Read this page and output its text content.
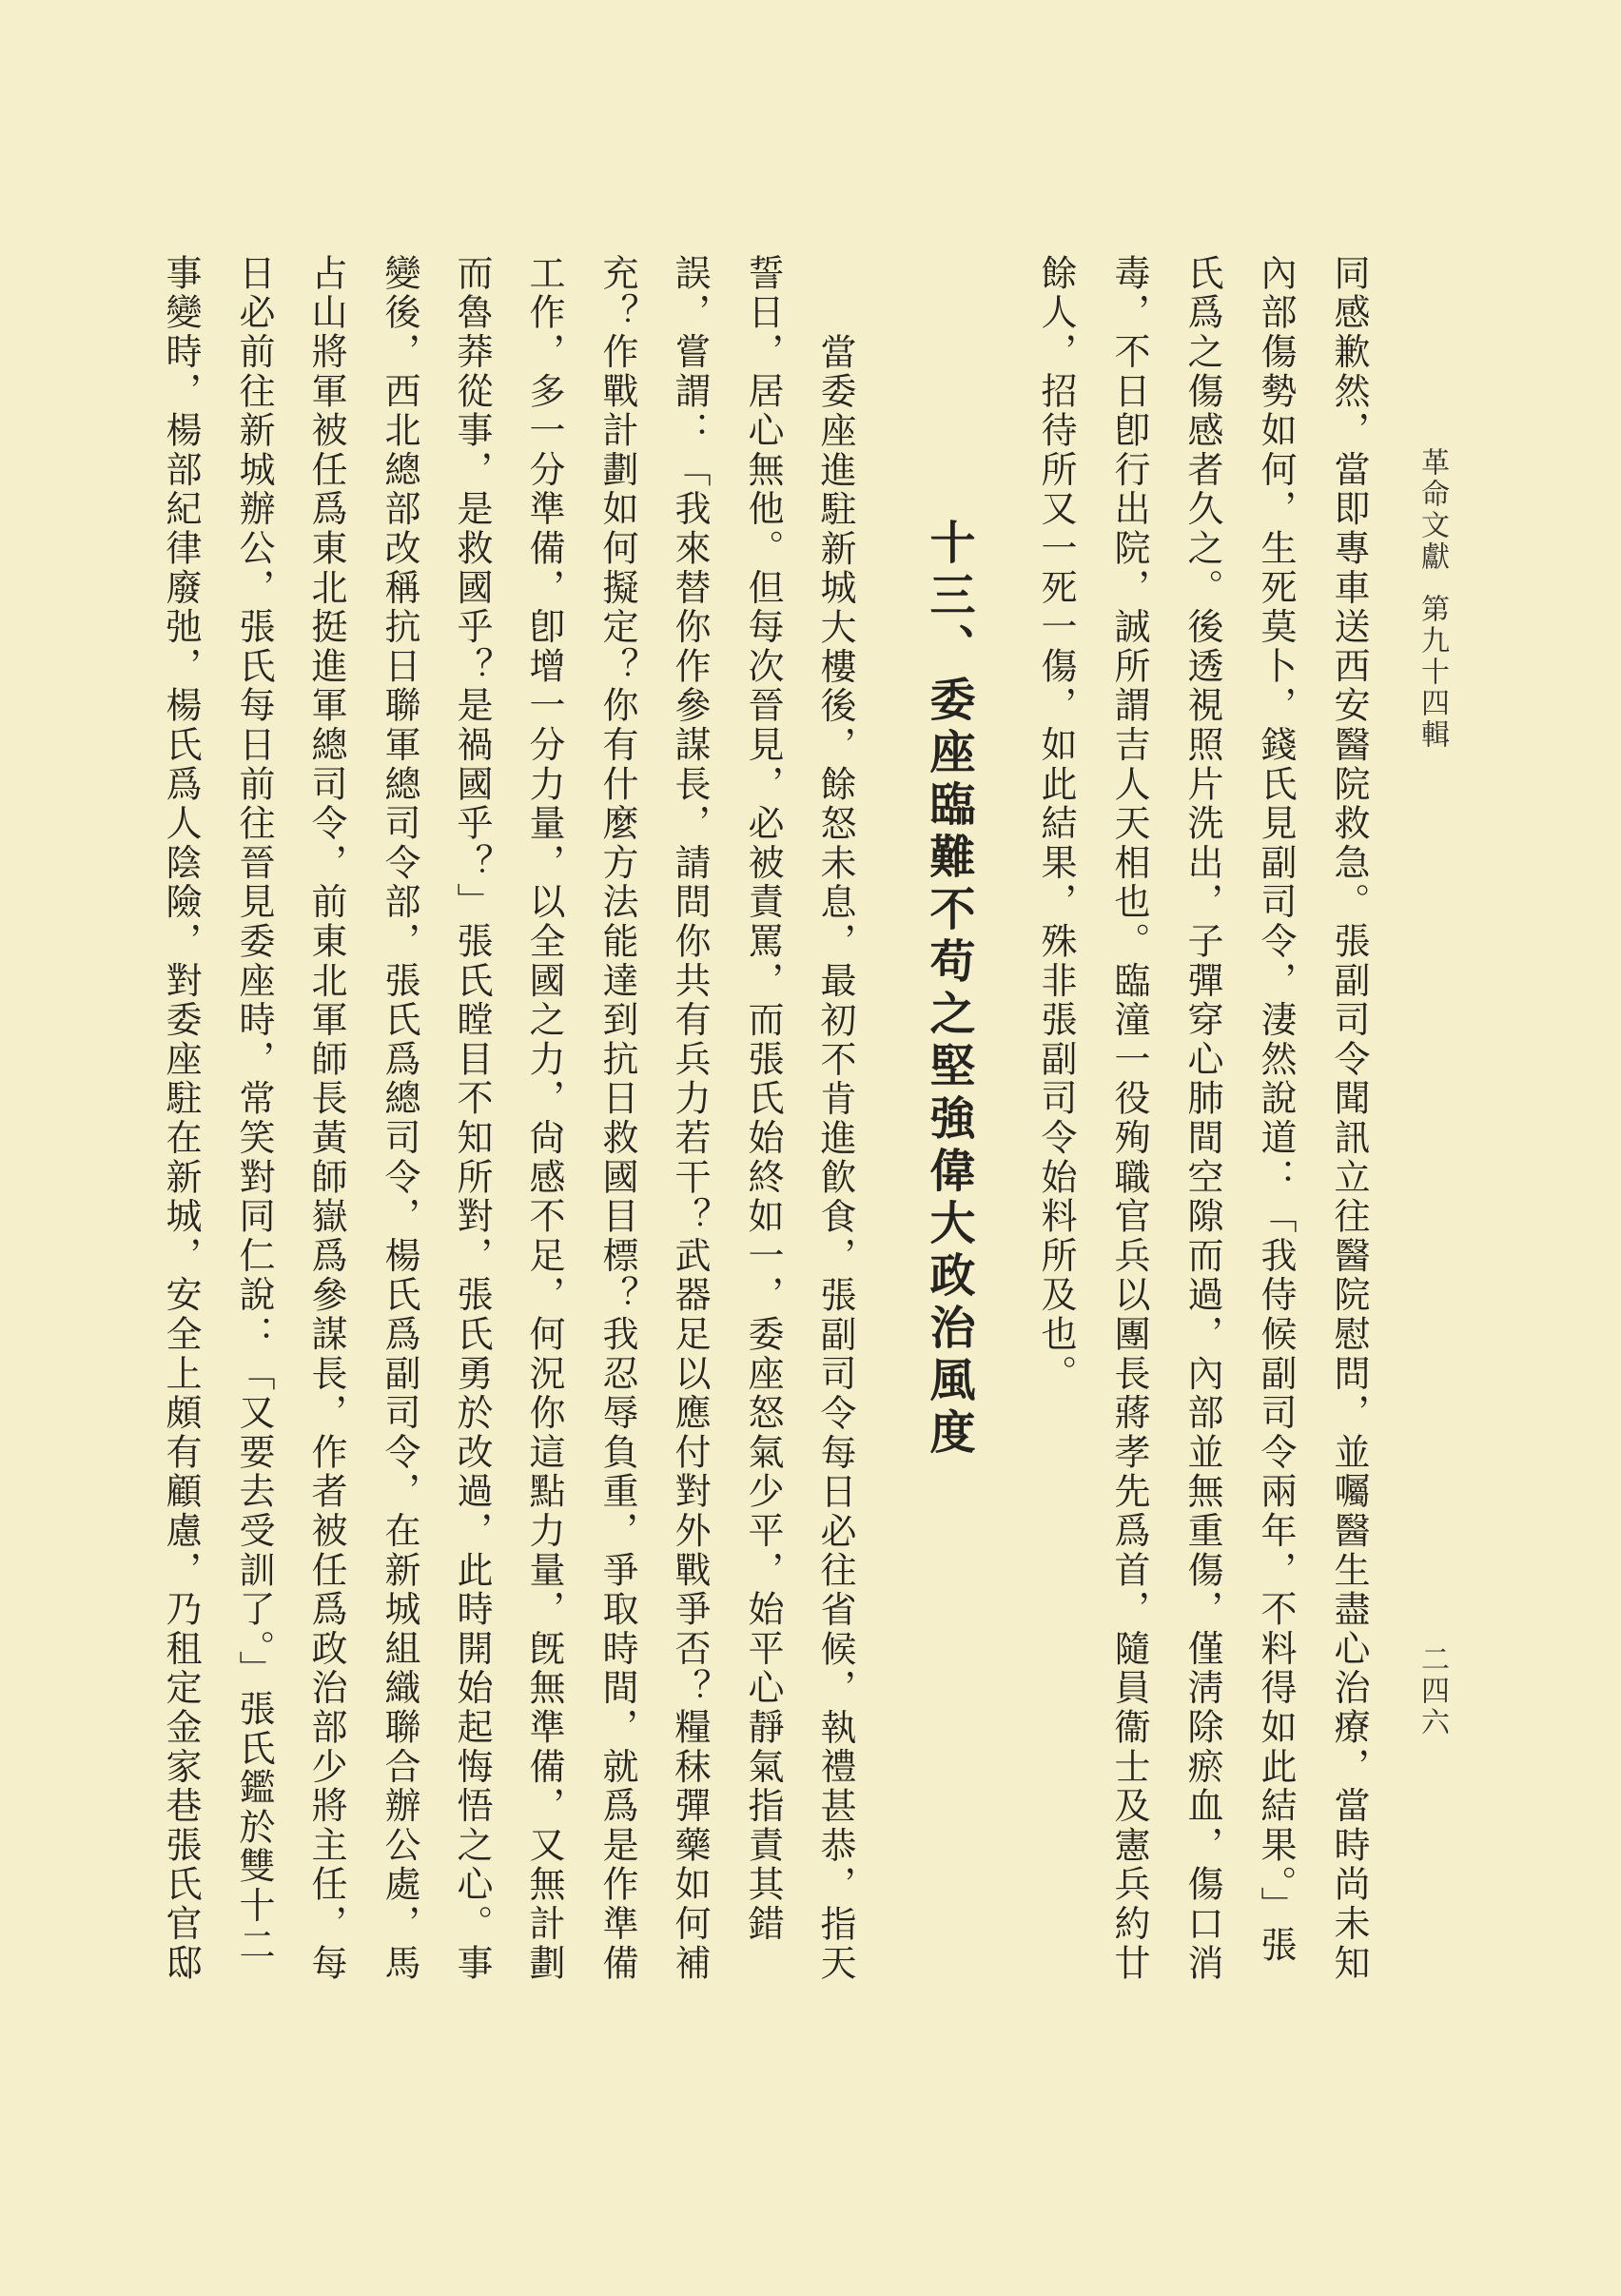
革命文獻第九十四輯
二四六
十三、委座臨難不苟之堅強偉大政治風度	同感歉然，當即專車送西安醫院救急。張副司令聞訊立往醫院慰問，並囑醫生盡心治療，當時尚未知
內部傷勢如何，生死莫卜，錢氏見副司令，淒然說道：「我侍候副司令兩年，不料得如此結果。」張
氏爲之傷感者久之。後透視照片洗出，子彈穿心肺間空隙而過，內部並無重傷，僅淸除瘀血，傷口消
毒，不日卽行出院，誠所謂吉人天相也。臨潼一役殉職官兵以團長蔣孝先爲首，隨員衞士及憲兵約廿
餘人，招待所又一死一傷，如此結果，殊非張副司令始料所及也。
當委座進駐新城大樓後，餘怒未息，最初不肯進飮食，張副司令每日必往省候，執禮甚恭，指天
誓日，居心無他。但每次晉見，必被責罵，而張氏始終如一，委座怒氣少平，始平心靜氣指責其錯
誤，嘗謂：「我來替你作參謀長，請問你共有兵力若干？武器足以應付對外戰爭否？糧秣彈藥如何補
充？作戰計劃如何擬定？你有什麼方法能達到抗日救國目標？我忍辱負重，爭取時間，就爲是作準備
工作，多一分準備，卽增一分力量，以全國之力，尙感不足，何況你這點力量，旣無準備，又無計劃
而魯莽從事，是救國乎？是禍國乎？」張氏瞠目不知所對，張氏勇於改過，此時開始起悔悟之心。事
變後，西北總部改稱抗日聯軍總司令部，張氏爲總司令，楊氏爲副司令，在新城組織聯合辦公處，馬
占山將軍被任爲東北挺進軍總司令，前東北軍師長黃師嶽爲參謀長，作者被任爲政治部少將主任，每
日必前往新城辦公，張氏每日前往晉見委座時，常笑對同仁說：「又要去受訓了。」張氏鑑於雙十二
事變時，楊部紀律廢弛，楊氏爲人陰險，對委座駐在新城，安全上頗有顧慮，乃租定金家巷張氏官邸
